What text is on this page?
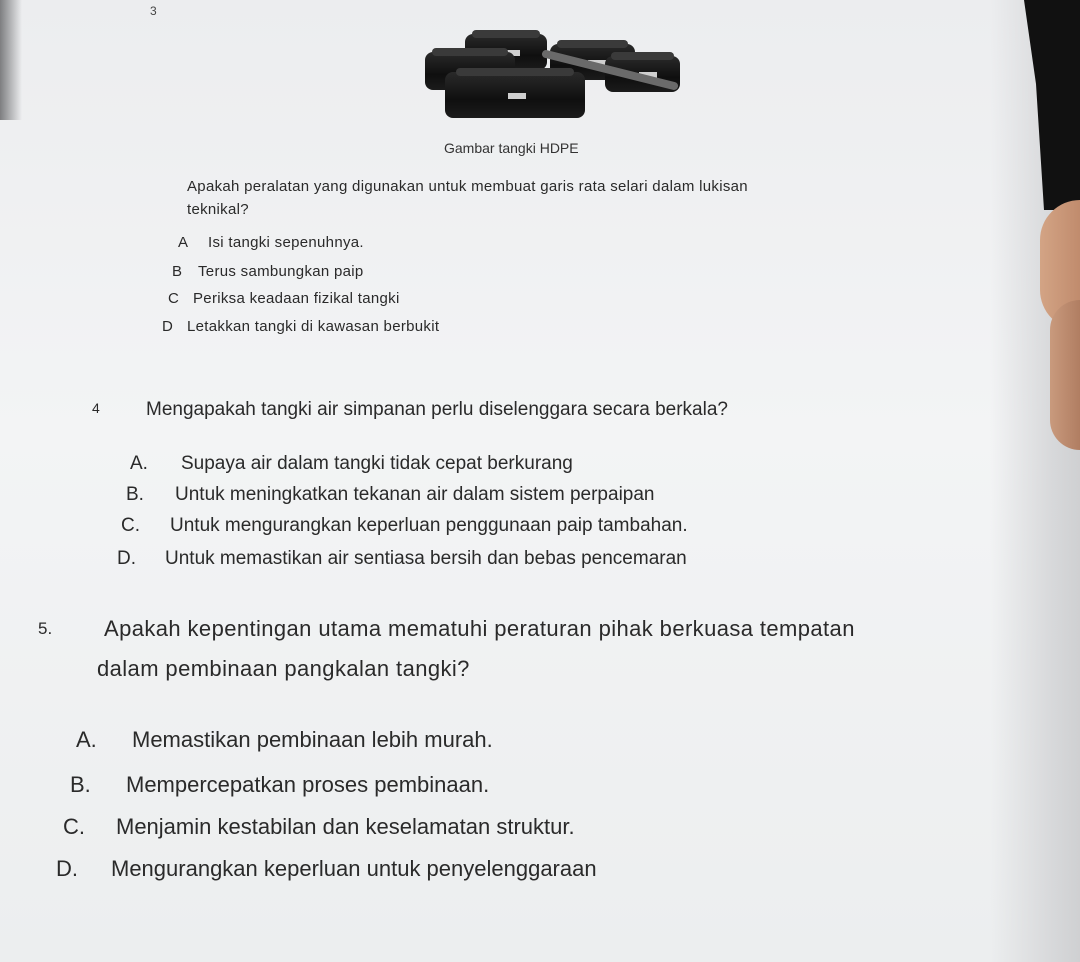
3
Gambar tangki HDPE
Apakah peralatan yang digunakan untuk membuat garis rata selari dalam lukisan
teknikal?
A Isi tangki sepenuhnya.
B Terus sambungkan paip
C Periksa keadaan fizikal tangki
D Letakkan tangki di kawasan berbukit
4 Mengapakah tangki air simpanan perlu diselenggara secara berkala?
A. Supaya air dalam tangki tidak cepat berkurang
B. Untuk meningkatkan tekanan air dalam sistem perpaipan
C. Untuk mengurangkan keperluan penggunaan paip tambahan.
D. Untuk memastikan air sentiasa bersih dan bebas pencemaran
5. Apakah kepentingan utama mematuhi peraturan pihak berkuasa tempatan
dalam pembinaan pangkalan tangki?
A. Memastikan pembinaan lebih murah.
B. Mempercepatkan proses pembinaan.
C. Menjamin kestabilan dan keselamatan struktur.
D. Mengurangkan keperluan untuk penyelenggaraan
